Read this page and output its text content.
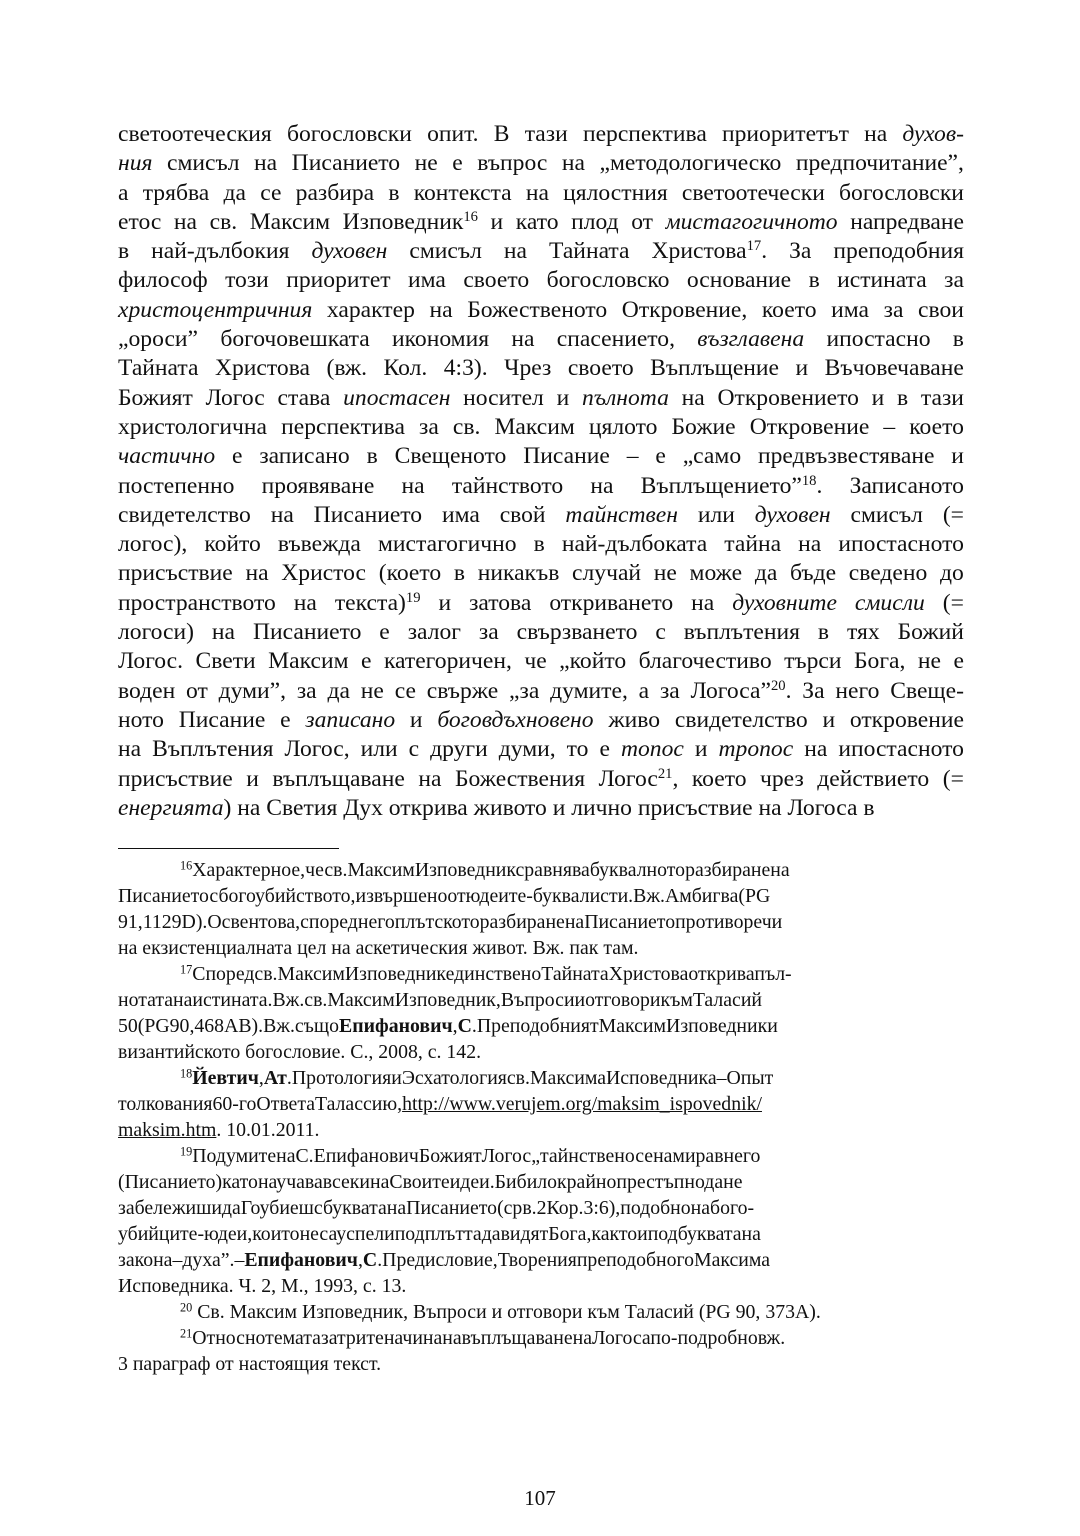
светоотеческия богословски опит. В тази перспектива приоритетът на духов-
ния смисъл на Писанието не е въпрос на „методологическо предпочитание”,
а трябва да се разбира в контекста на цялостния светоотечески богословски
етос на св. Максим Изповедник$^{16}$ и като плод от мистагогичното напредване
в най-дълбокия духовен смисъл на Тайната Христова$^{17}$. За преподобния
философ този приоритет има своето богословско основание в истината за
христоцентричния характер на Божественото Откровение, което има за свои
„ороси” богочовешката икономия на спасението, възглавена ипостасно в
Тайната Христова (вж. Кол. 4:3). Чрез своето Въплъщение и Въчовечаване
Божият Логос става ипостасен носител и пълнота на Откровението и в тази
христологична перспектива за св. Максим цялото Божие Откровение – което
частично е записано в Свещеното Писание – е „само предвъзвестяване и
постепенно проявяване на тайнството на Въплъщението”$^{18}$. Записаното
свидетелство на Писанието има свой тайнствен или духовен смисъл (=
логос), който въвежда мистагогично в най-дълбоката тайна на ипостасното
присъствие на Христос (което в никакъв случай не може да бъде сведено до
пространството на текста)$^{19}$ и затова откриването на духовните смисли (=
логоси) на Писанието е залог за свързването с въплътения в тях Божий
Логос. Свети Максим е категоричен, че „който благочестиво търси Бога, не е
воден от думи”, за да не се свърже „за думите, а за Логоса”$^{20}$. За него Свеще-
ното Писание е записано и боговдъхновено живо свидетелство и откровение
на Въплътения Логос, или с други думи, то е топос и тропос на ипостасното
присъствие и въплъщаване на Божествения Логос$^{21}$, което чрез действието (=
енергията) на Светия Дух открива живото и лично присъствие на Логоса в
$^{16}$Характерное,чесв.МаксимИзповедниксравнявабуквалноторазбиранена
Писаниетосбогоубийството,извършеноотюдеите-буквалисти.Вж.Амбигва(PG
91,1129D).Освентова,спореднегоплътскоторазбираненаПисаниетопротиворечи
на екзистенциалната цел на аскетическия живот. Вж. пак там.
$^{17}$Споредсв.МаксимИзповедникединственоТайнатаХристоваоткривапъл-
нотатанаистината.Вж.св.МаксимИзповедник,ВъпросииотговорикъмТаласий
50(PG90,468AB).Вж.същоЕпифанович,С.ПреподобниятМаксимИзповедники
византийското богословие. С., 2008, с. 142.
$^{18}$Йевтич,Ат.ПротологияиЭсхатологиясв.МаксимаИсповедника–Опыт
толкования60-гоОтветаТалассию,http://www.verujem.org/maksim_ispovednik/
maksim.htm. 10.01.2011.
$^{19}$ПодумитенаС.ЕпифановичБожиятЛогос„тайнственосенамиравнего
(Писанието)катонаучававсекинаСвоитеидеи.Бибилокрайнопрестъпнодане
забележишидаГоубиешсбукватанаПисанието(срв.2Кор.3:6),подобнонабого-
убийците-юдеи,коитонесауспелиподплъттадавидятБога,кактоиподбукватана
закона–духа”.–Епифанович,С.Предисловие,ТворенияпреподобногоМаксима
Исповедника. Ч. 2, М., 1993, с. 13.
$^{20}$ Св. Максим Изповедник, Въпроси и отговори към Таласий (PG 90, 373A).
$^{21}$ОтноснотематазатритеначинанавъплъщаваненаЛогосапо-подробновж.
3 параграф от настоящия текст.
107
